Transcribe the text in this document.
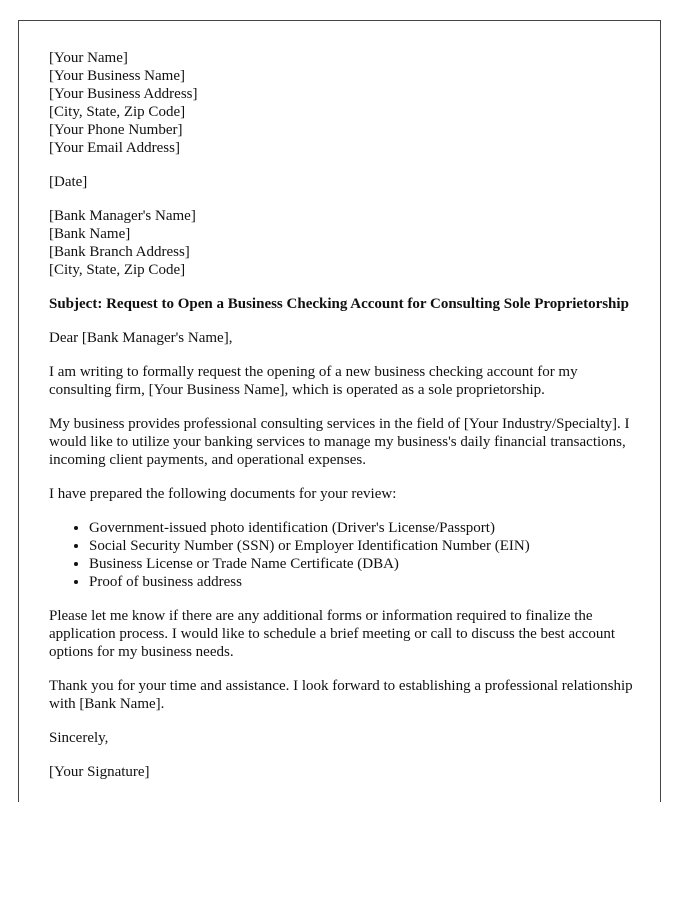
[Your Name]
[Your Business Name]
[Your Business Address]
[City, State, Zip Code]
[Your Phone Number]
[Your Email Address]

[Date]

[Bank Manager's Name]
[Bank Name]
[Bank Branch Address]
[City, State, Zip Code]

Subject: Request to Open a Business Checking Account for Consulting Sole Proprietorship

Dear [Bank Manager's Name],

I am writing to formally request the opening of a new business checking account for my consulting firm, [Your Business Name], which is operated as a sole proprietorship.

My business provides professional consulting services in the field of [Your Industry/Specialty]. I would like to utilize your banking services to manage my business's daily financial transactions, incoming client payments, and operational expenses.

I have prepared the following documents for your review:

• Government-issued photo identification (Driver's License/Passport)
• Social Security Number (SSN) or Employer Identification Number (EIN)
• Business License or Trade Name Certificate (DBA)
• Proof of business address

Please let me know if there are any additional forms or information required to finalize the application process. I would like to schedule a brief meeting or call to discuss the best account options for my business needs.

Thank you for your time and assistance. I look forward to establishing a professional relationship with [Bank Name].

Sincerely,

[Your Signature]
